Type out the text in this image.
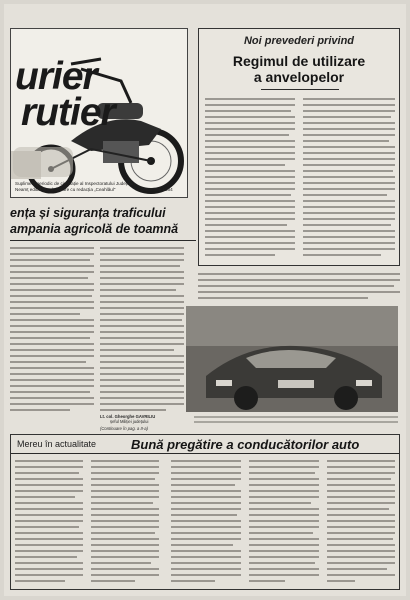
urier
rutier
Supliment periodic de circulație al Inspectoratului Județean Neamț editat în colaborare cu redacția „Ceahlăul”	octombrie 1984
ența și siguranța traficului
ampania agricolă de toamnă
Noi prevederi privind
Regimul de utilizare
a anvelopelor
Lt. col. Gheorghe GAVRILIU
șeful Miliției județului
(Continuare în pag. a II-a)
Mereu în actualitate	Bună pregătire a conducătorilor auto
